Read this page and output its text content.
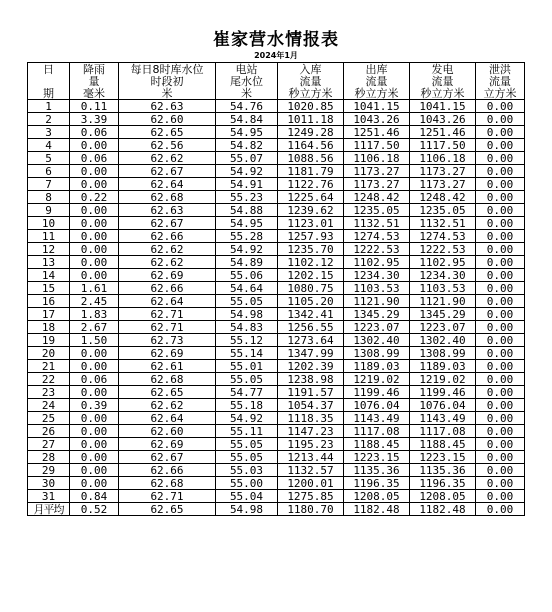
崔家营水情报表
2024年1月
日	降雨	每日8时库水位	电站	入库	出库	发电	泄洪
	量	时段初	尾水位	流量	流量	流量	流量
期	毫米	米	米	秒立方米	秒立方米	秒立方米	立方米
1	0.11	62.63	54.76	1020.85	1041.15	1041.15	0.00
2	3.39	62.60	54.84	1011.18	1043.26	1043.26	0.00
3	0.06	62.65	54.95	1249.28	1251.46	1251.46	0.00
4	0.00	62.56	54.82	1164.56	1117.50	1117.50	0.00
5	0.06	62.62	55.07	1088.56	1106.18	1106.18	0.00
6	0.00	62.67	54.92	1181.79	1173.27	1173.27	0.00
7	0.00	62.64	54.91	1122.76	1173.27	1173.27	0.00
8	0.22	62.68	55.23	1225.64	1248.42	1248.42	0.00
9	0.00	62.63	54.88	1239.62	1235.05	1235.05	0.00
10	0.00	62.67	54.95	1123.01	1132.51	1132.51	0.00
11	0.00	62.66	55.28	1257.93	1274.53	1274.53	0.00
12	0.00	62.62	54.92	1235.70	1222.53	1222.53	0.00
13	0.00	62.62	54.89	1102.12	1102.95	1102.95	0.00
14	0.00	62.69	55.06	1202.15	1234.30	1234.30	0.00
15	1.61	62.66	54.64	1080.75	1103.53	1103.53	0.00
16	2.45	62.64	55.05	1105.20	1121.90	1121.90	0.00
17	1.83	62.71	54.98	1342.41	1345.29	1345.29	0.00
18	2.67	62.71	54.83	1256.55	1223.07	1223.07	0.00
19	1.50	62.73	55.12	1273.64	1302.40	1302.40	0.00
20	0.00	62.69	55.14	1347.99	1308.99	1308.99	0.00
21	0.00	62.61	55.01	1202.39	1189.03	1189.03	0.00
22	0.06	62.68	55.05	1238.98	1219.02	1219.02	0.00
23	0.00	62.65	54.77	1191.57	1199.46	1199.46	0.00
24	0.39	62.62	55.18	1054.37	1076.04	1076.04	0.00
25	0.00	62.64	54.92	1118.35	1143.49	1143.49	0.00
26	0.00	62.60	55.11	1147.23	1117.08	1117.08	0.00
27	0.00	62.69	55.05	1195.23	1188.45	1188.45	0.00
28	0.00	62.67	55.05	1213.44	1223.15	1223.15	0.00
29	0.00	62.66	55.03	1132.57	1135.36	1135.36	0.00
30	0.00	62.68	55.00	1200.01	1196.35	1196.35	0.00
31	0.84	62.71	55.04	1275.85	1208.05	1208.05	0.00
月平均	0.52	62.65	54.98	1180.70	1182.48	1182.48	0.00
